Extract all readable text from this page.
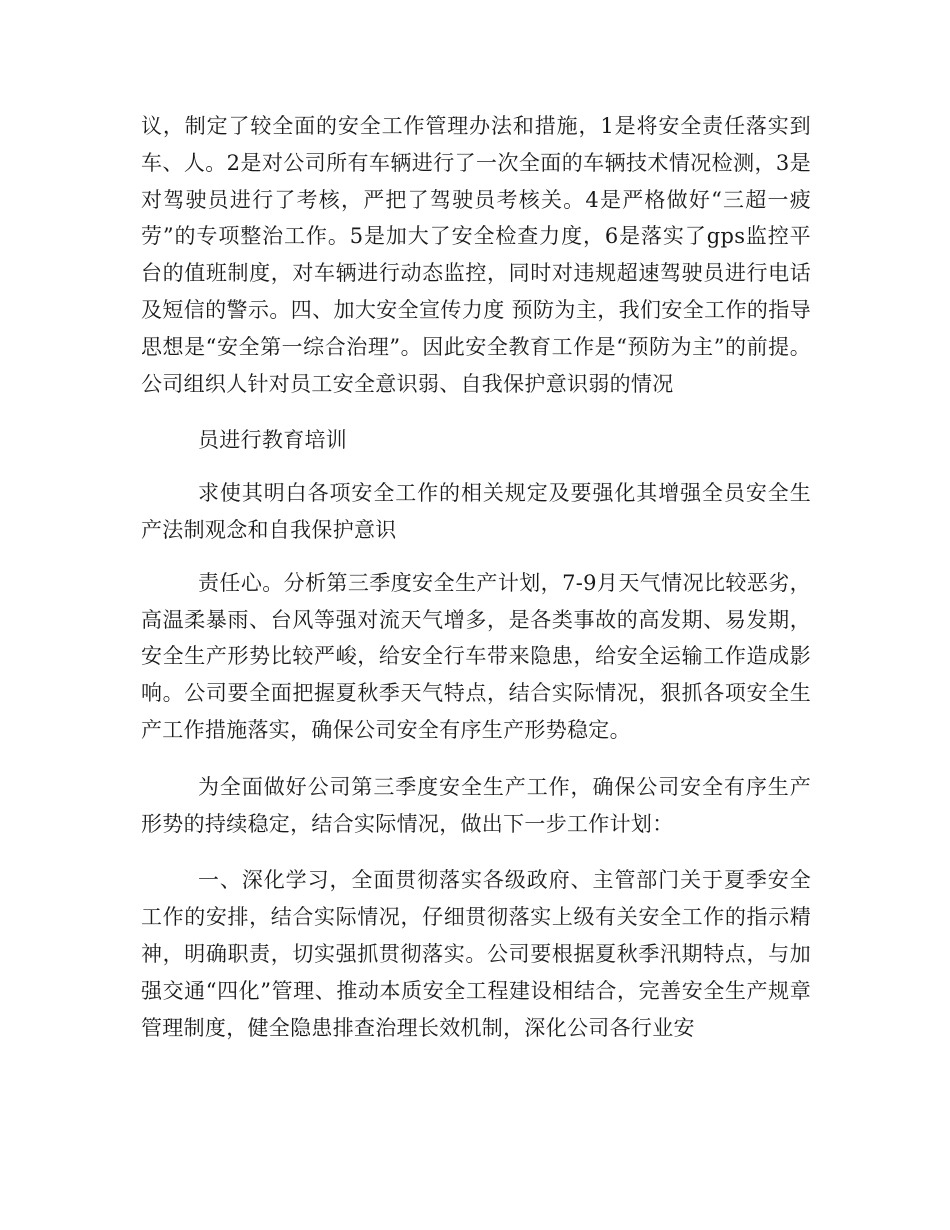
议，制定了较全面的安全工作管理办法和措施，1是将安全责任落实到车、人。2是对公司所有车辆进行了一次全面的车辆技术情况检测，3是对驾驶员进行了考核，严把了驾驶员考核关。4是严格做好“三超一疲劳”的专项整治工作。5是加大了安全检查力度，6是落实了gps监控平台的值班制度，对车辆进行动态监控，同时对违规超速驾驶员进行电话及短信的警示。四、加大安全宣传力度 预防为主，我们安全工作的指导思想是“安全第一综合治理”。因此安全教育工作是“预防为主”的前提。公司组织人针对员工安全意识弱、自我保护意识弱的情况

员进行教育培训

求使其明白各项安全工作的相关规定及要强化其增强全员安全生产法制观念和自我保护意识

责任心。分析第三季度安全生产计划，7-9月天气情况比较恶劣，高温柔暴雨、台风等强对流天气增多，是各类事故的高发期、易发期，安全生产形势比较严峻，给安全行车带来隐患，给安全运输工作造成影响。公司要全面把握夏秋季天气特点，结合实际情况，狠抓各项安全生产工作措施落实，确保公司安全有序生产形势稳定。

为全面做好公司第三季度安全生产工作，确保公司安全有序生产形势的持续稳定，结合实际情况，做出下一步工作计划：

一、深化学习，全面贯彻落实各级政府、主管部门关于夏季安全工作的安排，结合实际情况，仔细贯彻落实上级有关安全工作的指示精神，明确职责，切实强抓贯彻落实。公司要根据夏秋季汛期特点，与加强交通“四化”管理、推动本质安全工程建设相结合，完善安全生产规章管理制度，健全隐患排查治理长效机制，深化公司各行业安
